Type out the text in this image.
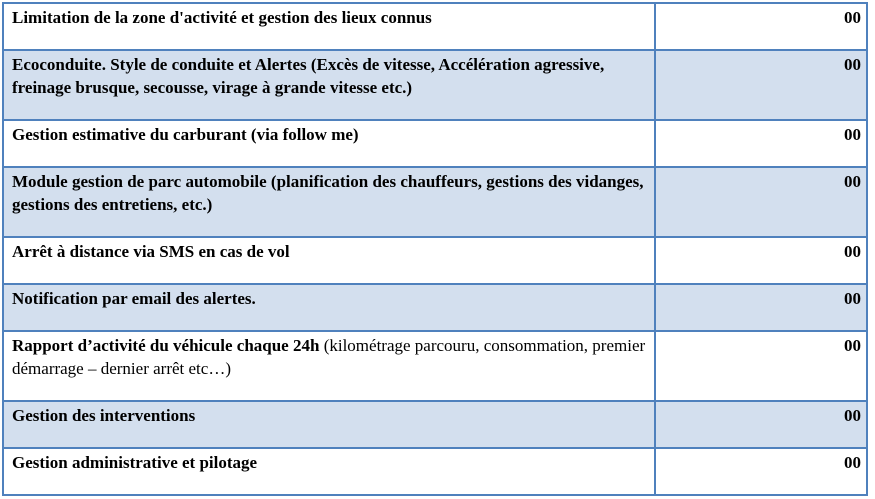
Limitation de la zone d'activité et gestion des lieux connus	00
Ecoconduite. Style de conduite et Alertes (Excès de vitesse, Accélération agressive, freinage brusque, secousse, virage à grande vitesse etc.)	00
Gestion estimative du carburant (via follow me)	00
Module gestion de parc automobile (planification des chauffeurs, gestions des vidanges, gestions des entretiens, etc.)	00
Arrêt à distance via SMS en cas de vol	00
Notification par email des alertes.	00
Rapport d’activité du véhicule chaque 24h (kilométrage parcouru, consommation, premier démarrage – dernier arrêt etc…)	00
Gestion des interventions	00
Gestion administrative et pilotage	00
